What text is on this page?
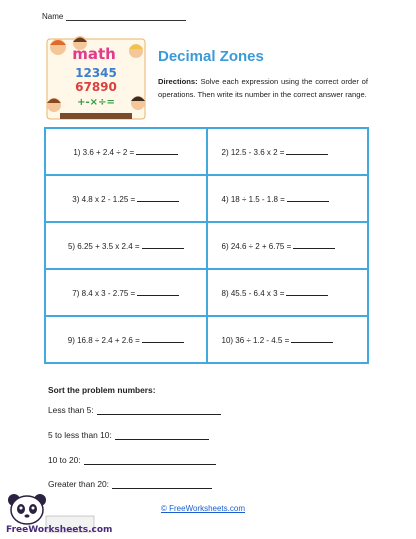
Name
math
12345
67890
+-×÷=
Decimal Zones
Directions: Solve each expression using the correct order of operations. Then write its number in the correct answer range.
1) 3.6 + 2.4 ÷ 2 =	2) 12.5 - 3.6 x 2 =
3) 4.8 x 2 - 1.25 =	4) 18 ÷ 1.5 - 1.8 =
5) 6.25 + 3.5 x 2.4 =	6) 24.6 ÷ 2 + 6.75 =
7) 8.4 x 3 - 2.75 =	8) 45.5 - 6.4 x 3 =
9) 16.8 ÷ 2.4 + 2.6 =	10) 36 ÷ 1.2 - 4.5 =
Sort the problem numbers:
Less than 5:
5 to less than 10:
10 to 20:
Greater than 20:
FreeWorksheets.com
© FreeWorksheets.com
